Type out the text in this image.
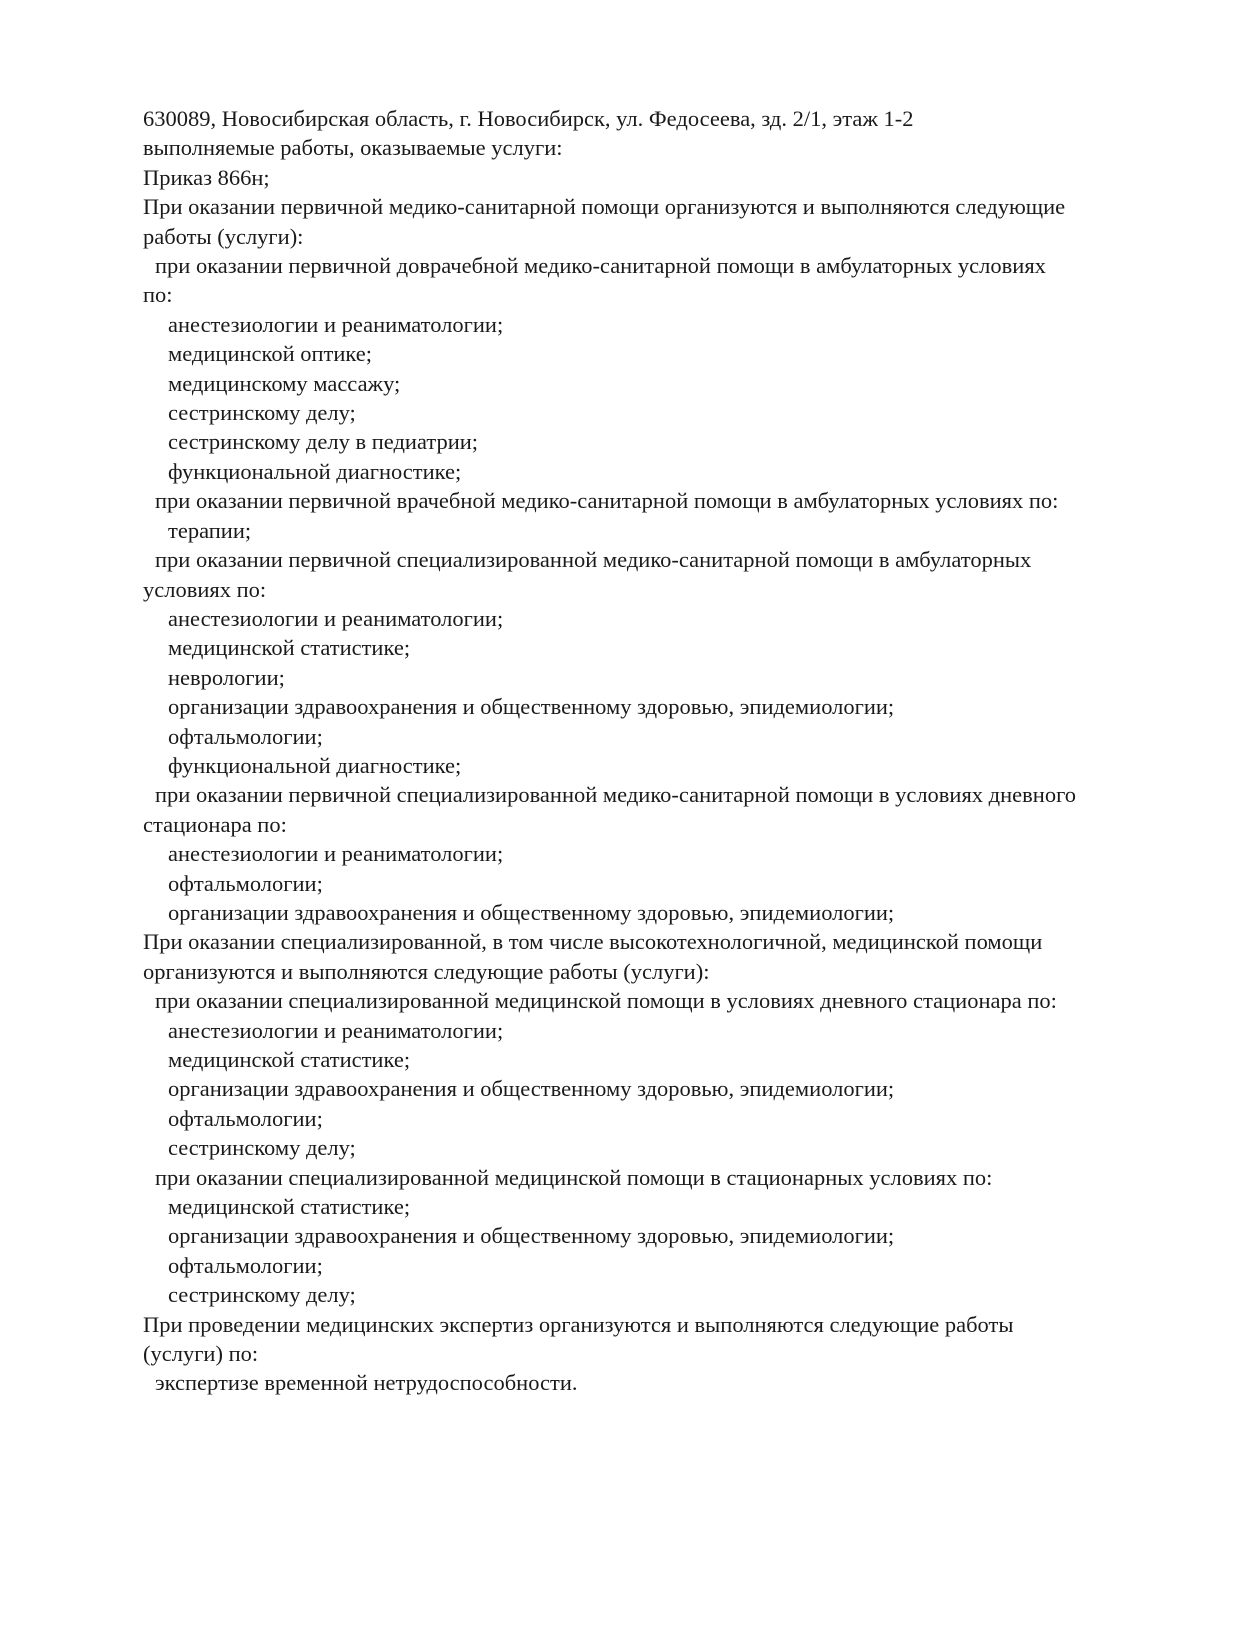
630089, Новосибирская область, г. Новосибирск, ул. Федосеева, зд. 2/1, этаж 1-2

выполняемые работы, оказываемые услуги:

Приказ 866н;

При оказании первичной медико-санитарной помощи организуются и выполняются следующие

работы (услуги):

при оказании первичной доврачебной медико-санитарной помощи в амбулаторных условиях

по:

анестезиологии и реаниматологии;

медицинской оптике;

медицинскому массажу;

сестринскому делу;

сестринскому делу в педиатрии;

функциональной диагностике;

при оказании первичной врачебной медико-санитарной помощи в амбулаторных условиях по:

терапии;

при оказании первичной специализированной медико-санитарной помощи в амбулаторных

условиях по:

анестезиологии и реаниматологии;

медицинской статистике;

неврологии;

организации здравоохранения и общественному здоровью, эпидемиологии;

офтальмологии;

функциональной диагностике;

при оказании первичной специализированной медико-санитарной помощи в условиях дневного

стационара по:

анестезиологии и реаниматологии;

офтальмологии;

организации здравоохранения и общественному здоровью, эпидемиологии;

При оказании специализированной, в том числе высокотехнологичной, медицинской помощи

организуются и выполняются следующие работы (услуги):

при оказании специализированной медицинской помощи в условиях дневного стационара по:

анестезиологии и реаниматологии;

медицинской статистике;

организации здравоохранения и общественному здоровью, эпидемиологии;

офтальмологии;

сестринскому делу;

при оказании специализированной медицинской помощи в стационарных условиях по:

медицинской статистике;

организации здравоохранения и общественному здоровью, эпидемиологии;

офтальмологии;

сестринскому делу;

При проведении медицинских экспертиз организуются и выполняются следующие работы

(услуги) по:

экспертизе временной нетрудоспособности.
